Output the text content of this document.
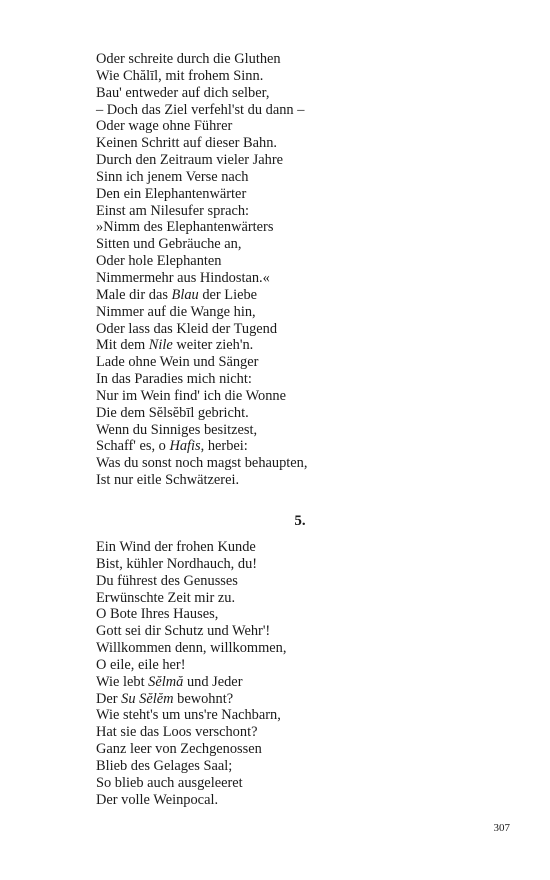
Oder schreite durch die Gluthen
Wie Chălīl, mit frohem Sinn.
Bau' entweder auf dich selber,
– Doch das Ziel verfehl'st du dann –
Oder wage ohne Führer
Keinen Schritt auf dieser Bahn.
Durch den Zeitraum vieler Jahre
Sinn ich jenem Verse nach
Den ein Elephantenwärter
Einst am Nilesufer sprach:
»Nimm des Elephantenwärters
Sitten und Gebräuche an,
Oder hole Elephanten
Nimmermehr aus Hindostan.«
Male dir das Blau der Liebe
Nimmer auf die Wange hin,
Oder lass das Kleid der Tugend
Mit dem Nile weiter zieh'n.
Lade ohne Wein und Sänger
In das Paradies mich nicht:
Nur im Wein find' ich die Wonne
Die dem Sĕlsĕbīl gebricht.
Wenn du Sinniges besitzest,
Schaff' es, o Hafis, herbei:
Was du sonst noch magst behaupten,
Ist nur eitle Schwätzerei.
5.
Ein Wind der frohen Kunde
Bist, kühler Nordhauch, du!
Du führest des Genusses
Erwünschte Zeit mir zu.
O Bote Ihres Hauses,
Gott sei dir Schutz und Wehr'!
Willkommen denn, willkommen,
O eile, eile her!
Wie lebt Sĕlmă und Jeder
Der Su Sĕlĕm bewohnt?
Wie steht's um uns're Nachbarn,
Hat sie das Loos verschont?
Ganz leer von Zechgenossen
Blieb des Gelages Saal;
So blieb auch ausgeleeret
Der volle Weinpocal.
307
